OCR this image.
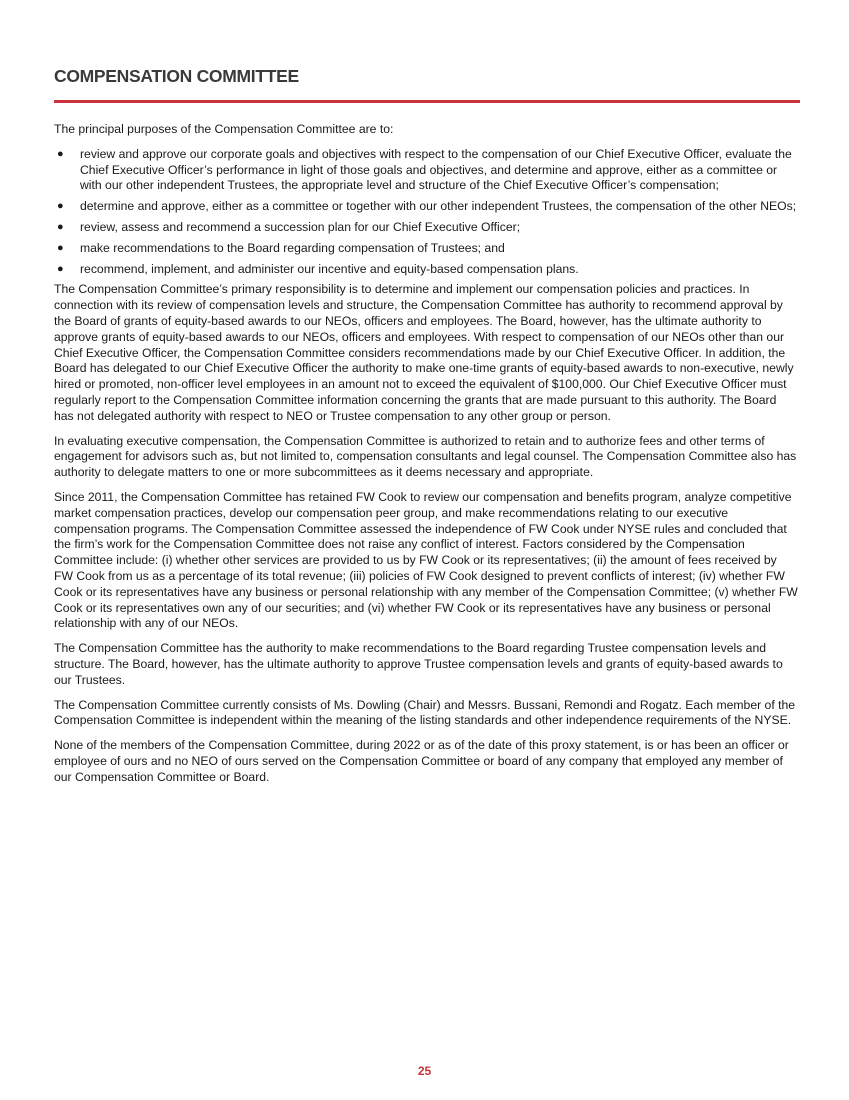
COMPENSATION COMMITTEE

The principal purposes of the Compensation Committee are to:

● review and approve our corporate goals and objectives with respect to the compensation of our Chief Executive Officer, evaluate the Chief Executive Officer’s performance in light of those goals and objectives, and determine and approve, either as a committee or with our other independent Trustees, the appropriate level and structure of the Chief Executive Officer’s compensation;
● determine and approve, either as a committee or together with our other independent Trustees, the compensation of the other NEOs;
● review, assess and recommend a succession plan for our Chief Executive Officer;
● make recommendations to the Board regarding compensation of Trustees; and
● recommend, implement, and administer our incentive and equity-based compensation plans.

The Compensation Committee’s primary responsibility is to determine and implement our compensation policies and practices. In connection with its review of compensation levels and structure, the Compensation Committee has authority to recommend approval by the Board of grants of equity-based awards to our NEOs, officers and employees. The Board, however, has the ultimate authority to approve grants of equity-based awards to our NEOs, officers and employees. With respect to compensation of our NEOs other than our Chief Executive Officer, the Compensation Committee considers recommendations made by our Chief Executive Officer. In addition, the Board has delegated to our Chief Executive Officer the authority to make one-time grants of equity-based awards to non-executive, newly hired or promoted, non-officer level employees in an amount not to exceed the equivalent of $100,000. Our Chief Executive Officer must regularly report to the Compensation Committee information concerning the grants that are made pursuant to this authority. The Board has not delegated authority with respect to NEO or Trustee compensation to any other group or person.

In evaluating executive compensation, the Compensation Committee is authorized to retain and to authorize fees and other terms of engagement for advisors such as, but not limited to, compensation consultants and legal counsel. The Compensation Committee also has authority to delegate matters to one or more subcommittees as it deems necessary and appropriate.

Since 2011, the Compensation Committee has retained FW Cook to review our compensation and benefits program, analyze competitive market compensation practices, develop our compensation peer group, and make recommendations relating to our executive compensation programs. The Compensation Committee assessed the independence of FW Cook under NYSE rules and concluded that the firm’s work for the Compensation Committee does not raise any conflict of interest. Factors considered by the Compensation Committee include: (i) whether other services are provided to us by FW Cook or its representatives; (ii) the amount of fees received by FW Cook from us as a percentage of its total revenue; (iii) policies of FW Cook designed to prevent conflicts of interest; (iv) whether FW Cook or its representatives have any business or personal relationship with any member of the Compensation Committee; (v) whether FW Cook or its representatives own any of our securities; and (vi) whether FW Cook or its representatives have any business or personal relationship with any of our NEOs.

The Compensation Committee has the authority to make recommendations to the Board regarding Trustee compensation levels and structure. The Board, however, has the ultimate authority to approve Trustee compensation levels and grants of equity-based awards to our Trustees.

The Compensation Committee currently consists of Ms. Dowling (Chair) and Messrs. Bussani, Remondi and Rogatz. Each member of the Compensation Committee is independent within the meaning of the listing standards and other independence requirements of the NYSE.

None of the members of the Compensation Committee, during 2022 or as of the date of this proxy statement, is or has been an officer or employee of ours and no NEO of ours served on the Compensation Committee or board of any company that employed any member of our Compensation Committee or Board.

25
